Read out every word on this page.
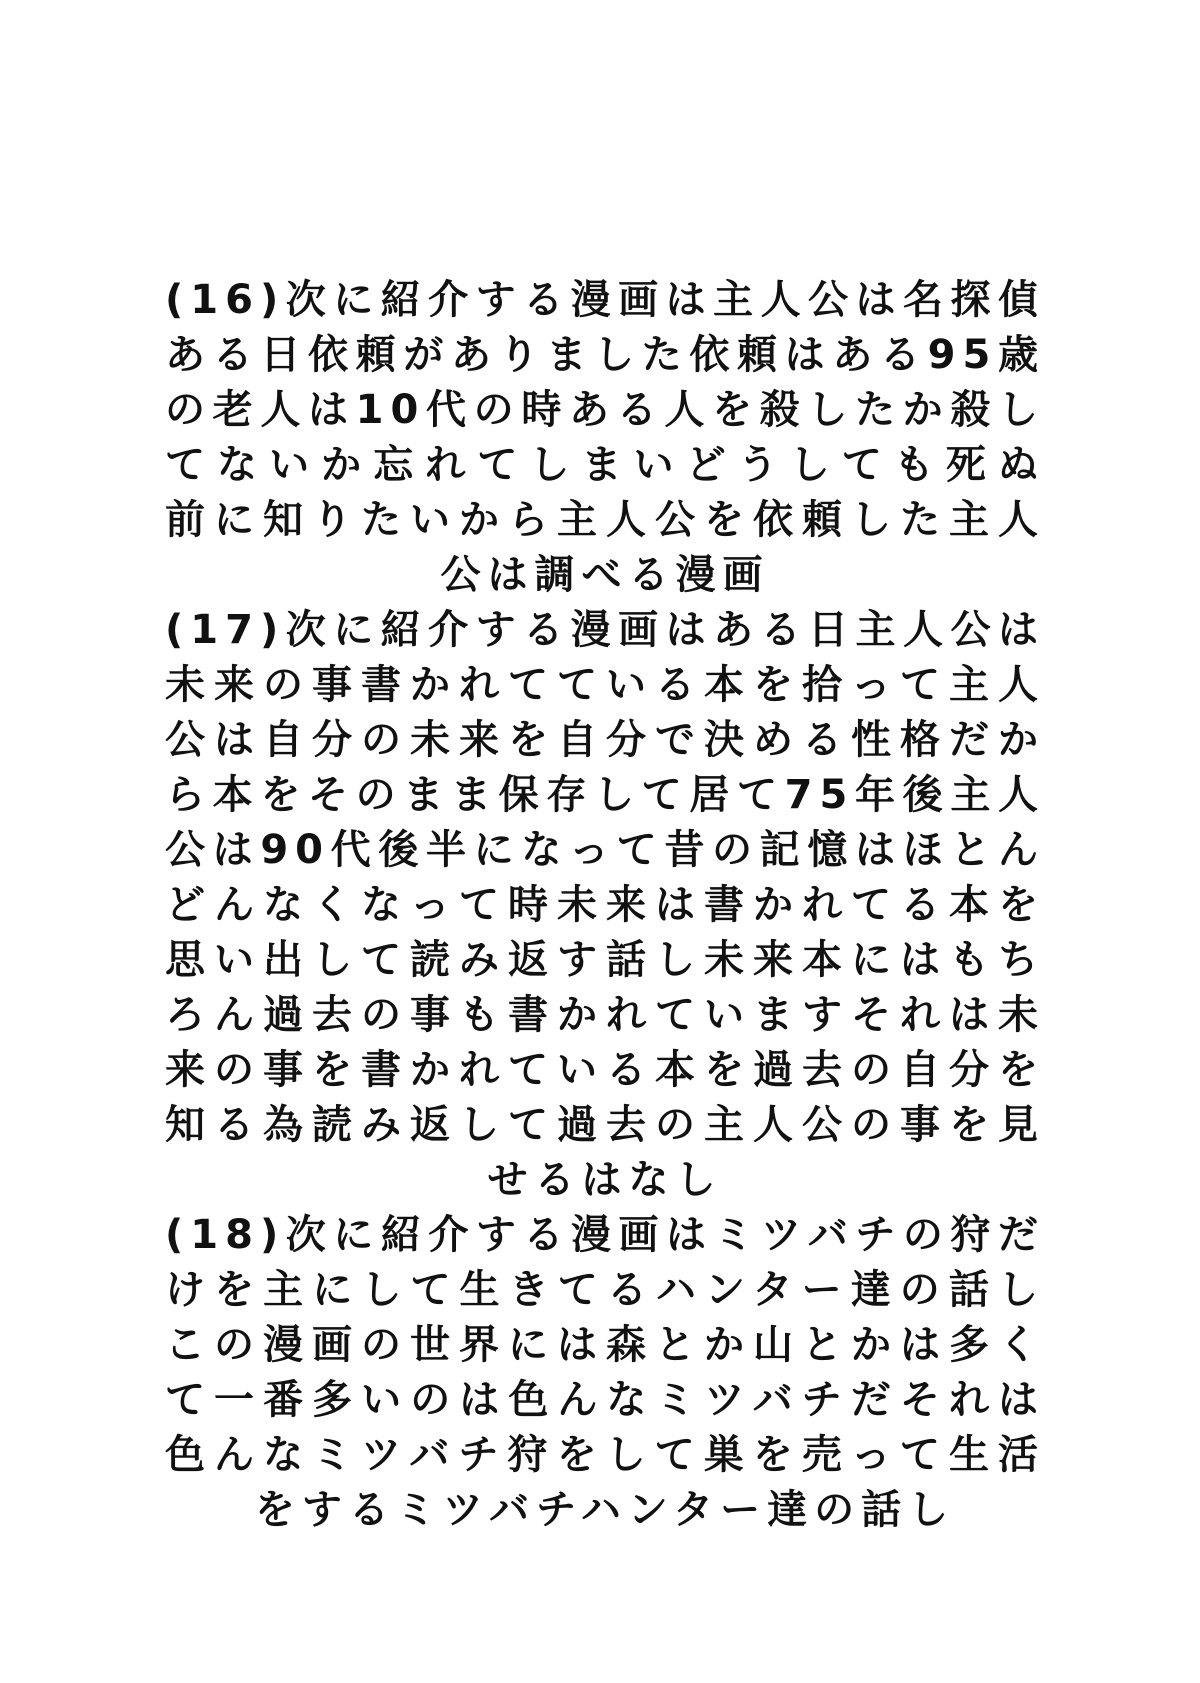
(16)次に紹介する漫画は主人公は名探偵
ある日依頼がありました依頼はある95歳
の老人は10代の時ある人を殺したか殺し
てないか忘れてしまいどうしても死ぬ
前に知りたいから主人公を依頼した主人
公は調べる漫画
(17)次に紹介する漫画はある日主人公は
未来の事書かれてている本を拾って主人
公は自分の未来を自分で決める性格だか
ら本をそのまま保存して居て75年後主人
公は90代後半になって昔の記憶はほとん
どんなくなって時未来は書かれてる本を
思い出して読み返す話し未来本にはもち
ろん過去の事も書かれていますそれは未
来の事を書かれている本を過去の自分を
知る為読み返して過去の主人公の事を見
せるはなし
(18)次に紹介する漫画はミツバチの狩だ
けを主にして生きてるハンター達の話し
この漫画の世界には森とか山とかは多く
て一番多いのは色んなミツバチだそれは
色んなミツバチ狩をして巣を売って生活
をするミツバチハンター達の話し
